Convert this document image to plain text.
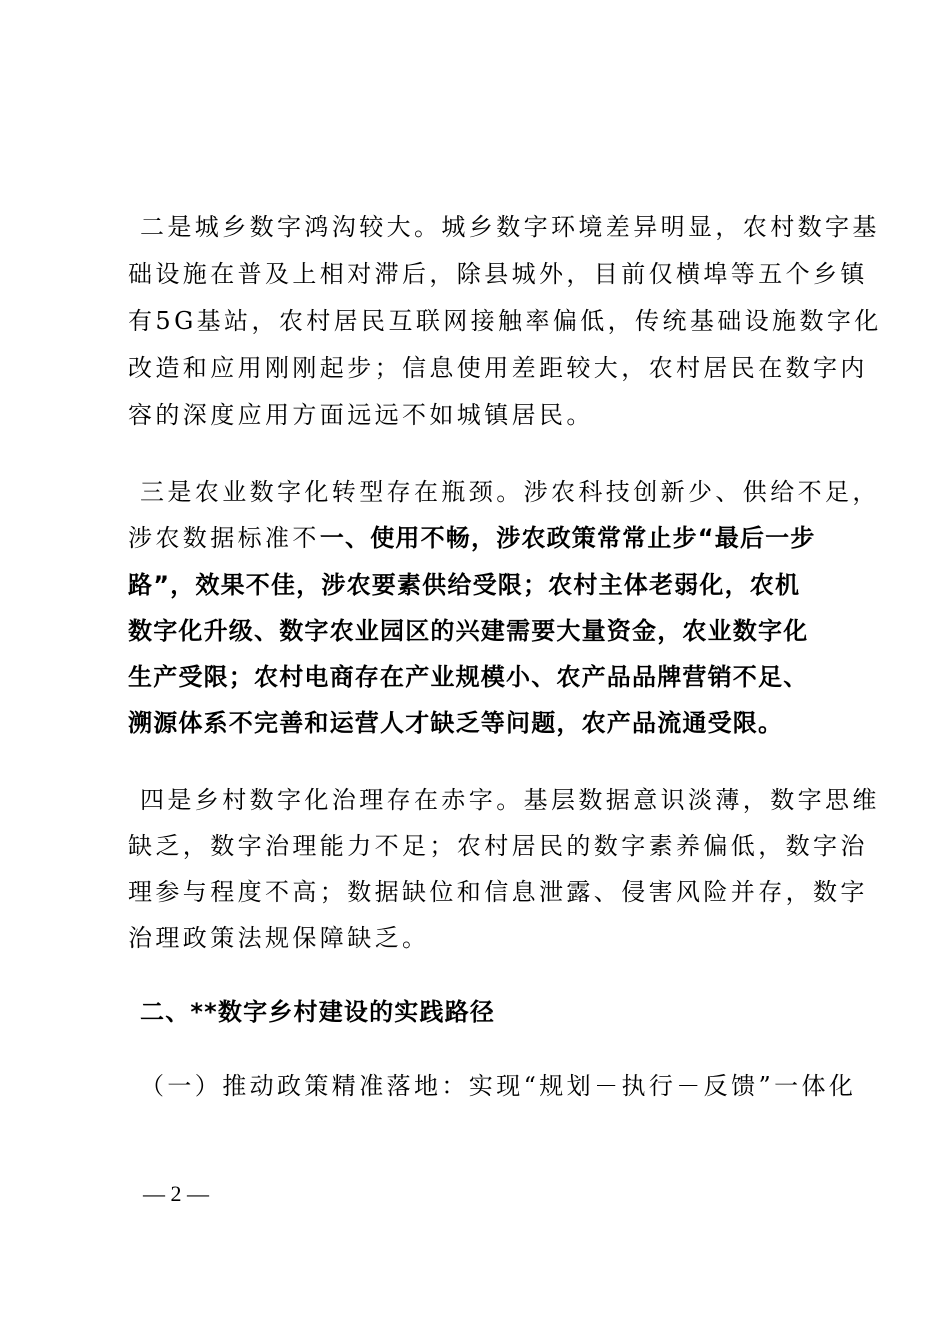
二是城乡数字鸿沟较大。城乡数字环境差异明显，农村数字基
础设施在普及上相对滞后，除县城外，目前仅横埠等五个乡镇
有5G基站，农村居民互联网接触率偏低，传统基础设施数字化
改造和应用刚刚起步；信息使用差距较大，农村居民在数字内
容的深度应用方面远远不如城镇居民。
三是农业数字化转型存在瓶颈。涉农科技创新少、供给不足，
涉农数据标准不一、使用不畅，涉农政策常常止步“最后一步
路”，效果不佳，涉农要素供给受限；农村主体老弱化，农机
数字化升级、数字农业园区的兴建需要大量资金，农业数字化
生产受限；农村电商存在产业规模小、农产品品牌营销不足、
溯源体系不完善和运营人才缺乏等问题，农产品流通受限。
四是乡村数字化治理存在赤字。基层数据意识淡薄，数字思维
缺乏，数字治理能力不足；农村居民的数字素养偏低，数字治
理参与程度不高；数据缺位和信息泄露、侵害风险并存，数字
治理政策法规保障缺乏。
二、**数字乡村建设的实践路径
（一）推动政策精准落地：实现“规划－执行－反馈”一体化
— 2 —
